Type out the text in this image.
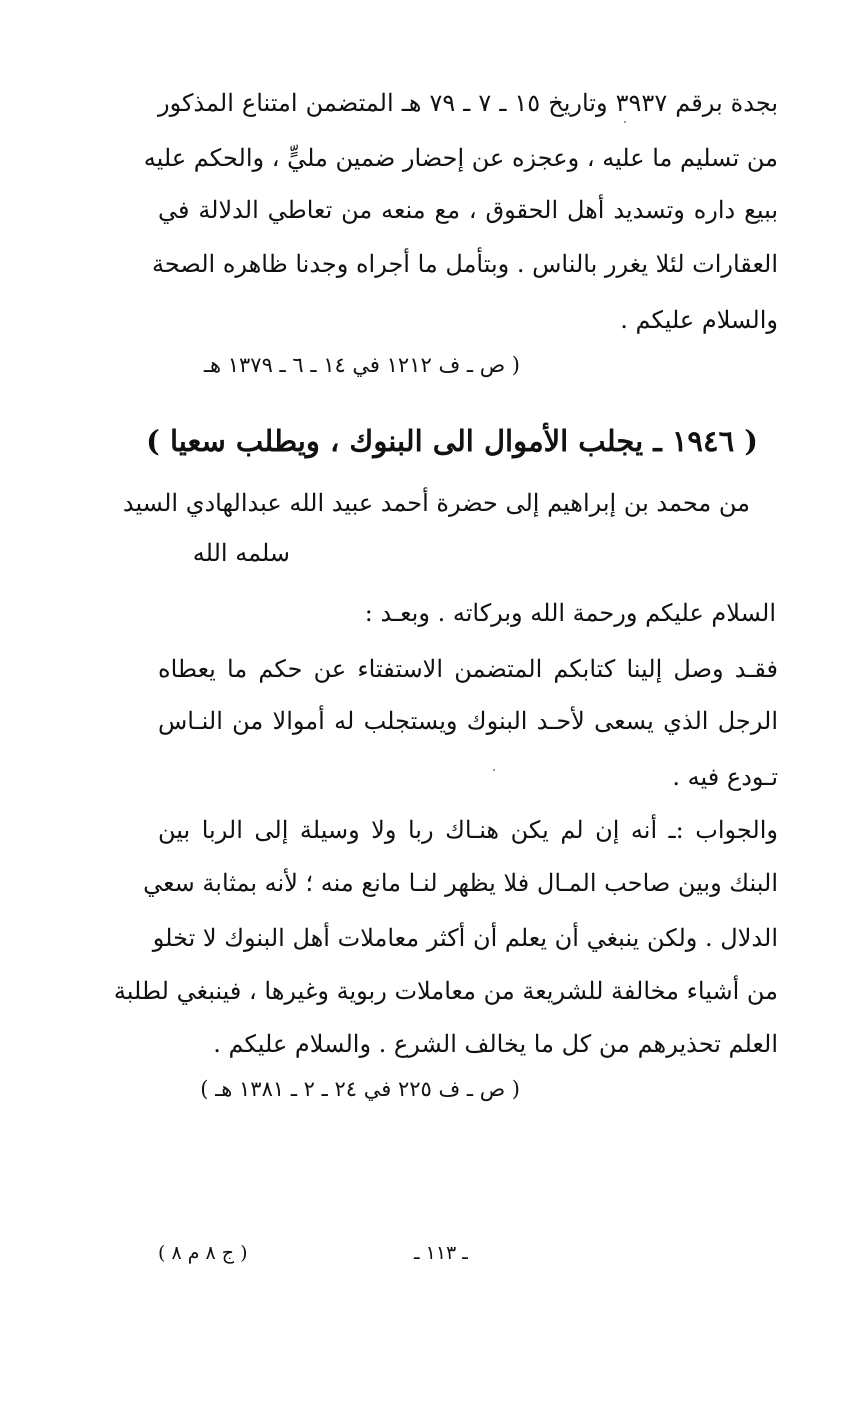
بجدة برقم ٣٩٣٧ وتاريخ ١٥ ـ ٧ ـ ٧٩ هـ المتضمن امتناع المذكور
من تسليم ما عليه ، وعجزه عن إحضار ضمين مليٍّ ، والحكم عليه
ببيع داره وتسديد أهل الحقوق ، مع منعه من تعاطي الدلالة في
العقارات لئلا يغرر بالناس . وبتأمل ما أجراه وجدنا ظاهره الصحة
والسلام عليكم .
( ص ـ ف ١٢١٢ في ١٤ ـ ٦ ـ ١٣٧٩ هـ
( ١٩٤٦ ـ يجلب الأموال الى البنوك ، ويطلب سعيا )
من محمد بن إبراهيم إلى حضرة أحمد عبيد الله عبدالهادي السيد
سلمه الله
السلام عليكم ورحمة الله وبركاته . وبعـد :
فقـد وصل إلينا كتابكم المتضمن الاستفتاء عن حكم ما يعطاه
الرجل الذي يسعى لأحـد البنوك ويستجلب له أموالا من النـاس
تـودع فيه .
والجواب :ـ أنه إن لم يكن هنـاك ربا ولا وسيلة إلى الربا بين
البنك وبين صاحب المـال فلا يظهر لنـا مانع منه ؛ لأنه بمثابة سعي
الدلال . ولكن ينبغي أن يعلم أن أكثر معاملات أهل البنوك لا تخلو
من أشياء مخالفة للشريعة من معاملات ربوية وغيرها ، فينبغي لطلبة
العلم تحذيرهم من كل ما يخالف الشرع . والسلام عليكم .
( ص ـ ف ٢٢٥ في ٢٤ ـ ٢ ـ ١٣٨١ هـ )
ـ ١١٣ ـ
( ج ٨ م ٨ )
